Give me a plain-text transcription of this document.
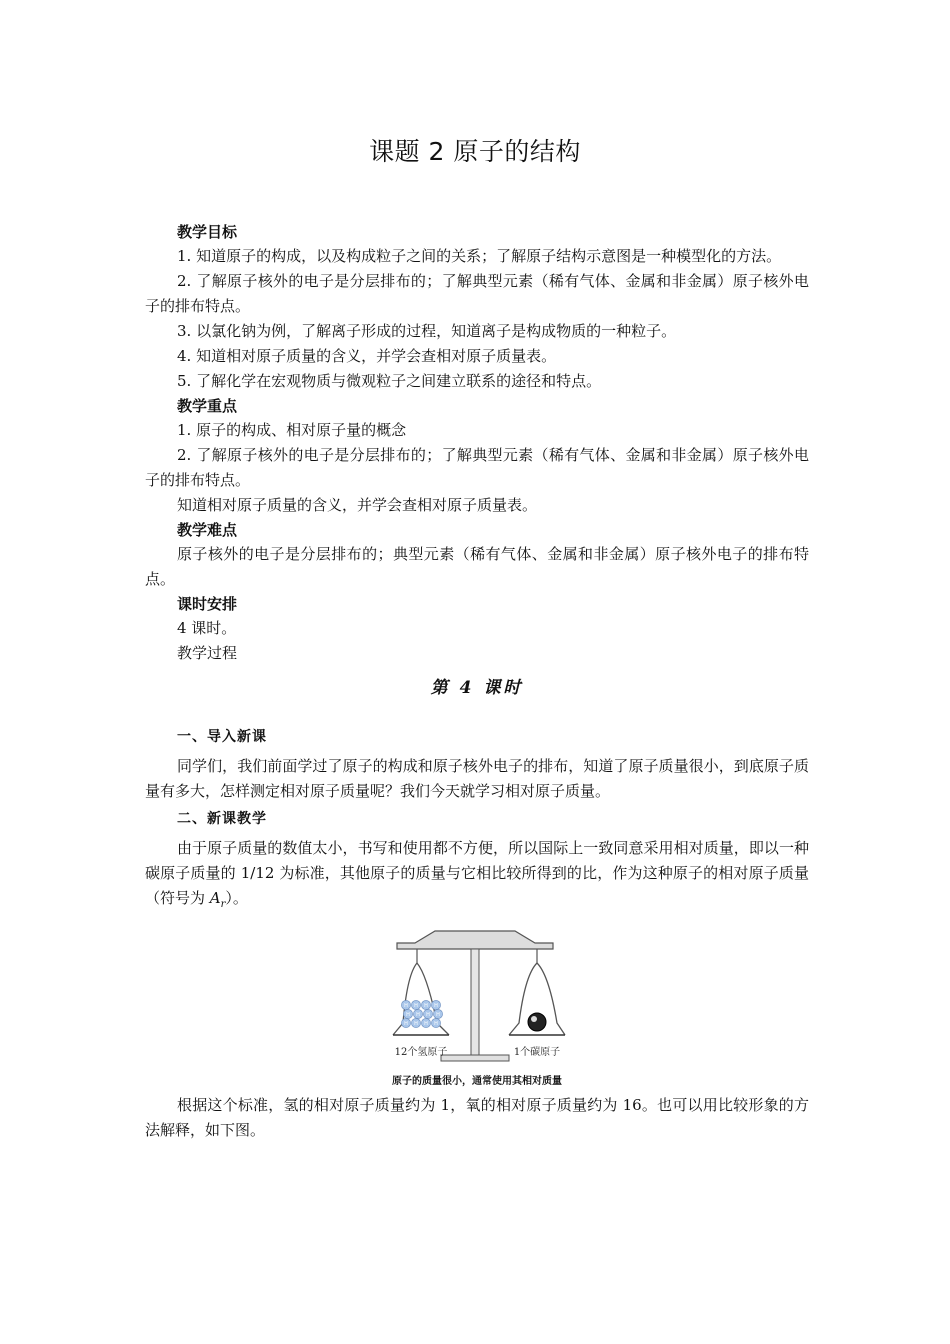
课题 2 原子的结构

教学目标

1. 知道原子的构成，以及构成粒子之间的关系；了解原子结构示意图是一种模型化的方法。

2. 了解原子核外的电子是分层排布的；了解典型元素（稀有气体、金属和非金属）原子核外电子的排布特点。

3. 以氯化钠为例，了解离子形成的过程，知道离子是构成物质的一种粒子。

4. 知道相对原子质量的含义，并学会查相对原子质量表。

5. 了解化学在宏观物质与微观粒子之间建立联系的途径和特点。

教学重点

1. 原子的构成、相对原子量的概念

2. 了解原子核外的电子是分层排布的；了解典型元素（稀有气体、金属和非金属）原子核外电子的排布特点。

知道相对原子质量的含义，并学会查相对原子质量表。

教学难点

原子核外的电子是分层排布的；典型元素（稀有气体、金属和非金属）原子核外电子的排布特点。

课时安排

4 课时。

教学过程

第 4 课时

一、导入新课

同学们，我们前面学过了原子的构成和原子核外电子的排布，知道了原子质量很小，到底原子质量有多大，怎样测定相对原子质量呢？我们今天就学习相对原子质量。

二、新课教学

由于原子质量的数值太小，书写和使用都不方便，所以国际上一致同意采用相对质量，即以一种碳原子质量的 1/12 为标准，其他原子的质量与它相比较所得到的比，作为这种原子的相对原子质量（符号为 $A_r$）。

H H H H
H H H H
H H H H
12个氢原子	1个碳原子
原子的质量很小，通常使用其相对质量

根据这个标准，氢的相对原子质量约为 1，氧的相对原子质量约为 16。也可以用比较形象的方法解释，如下图。
